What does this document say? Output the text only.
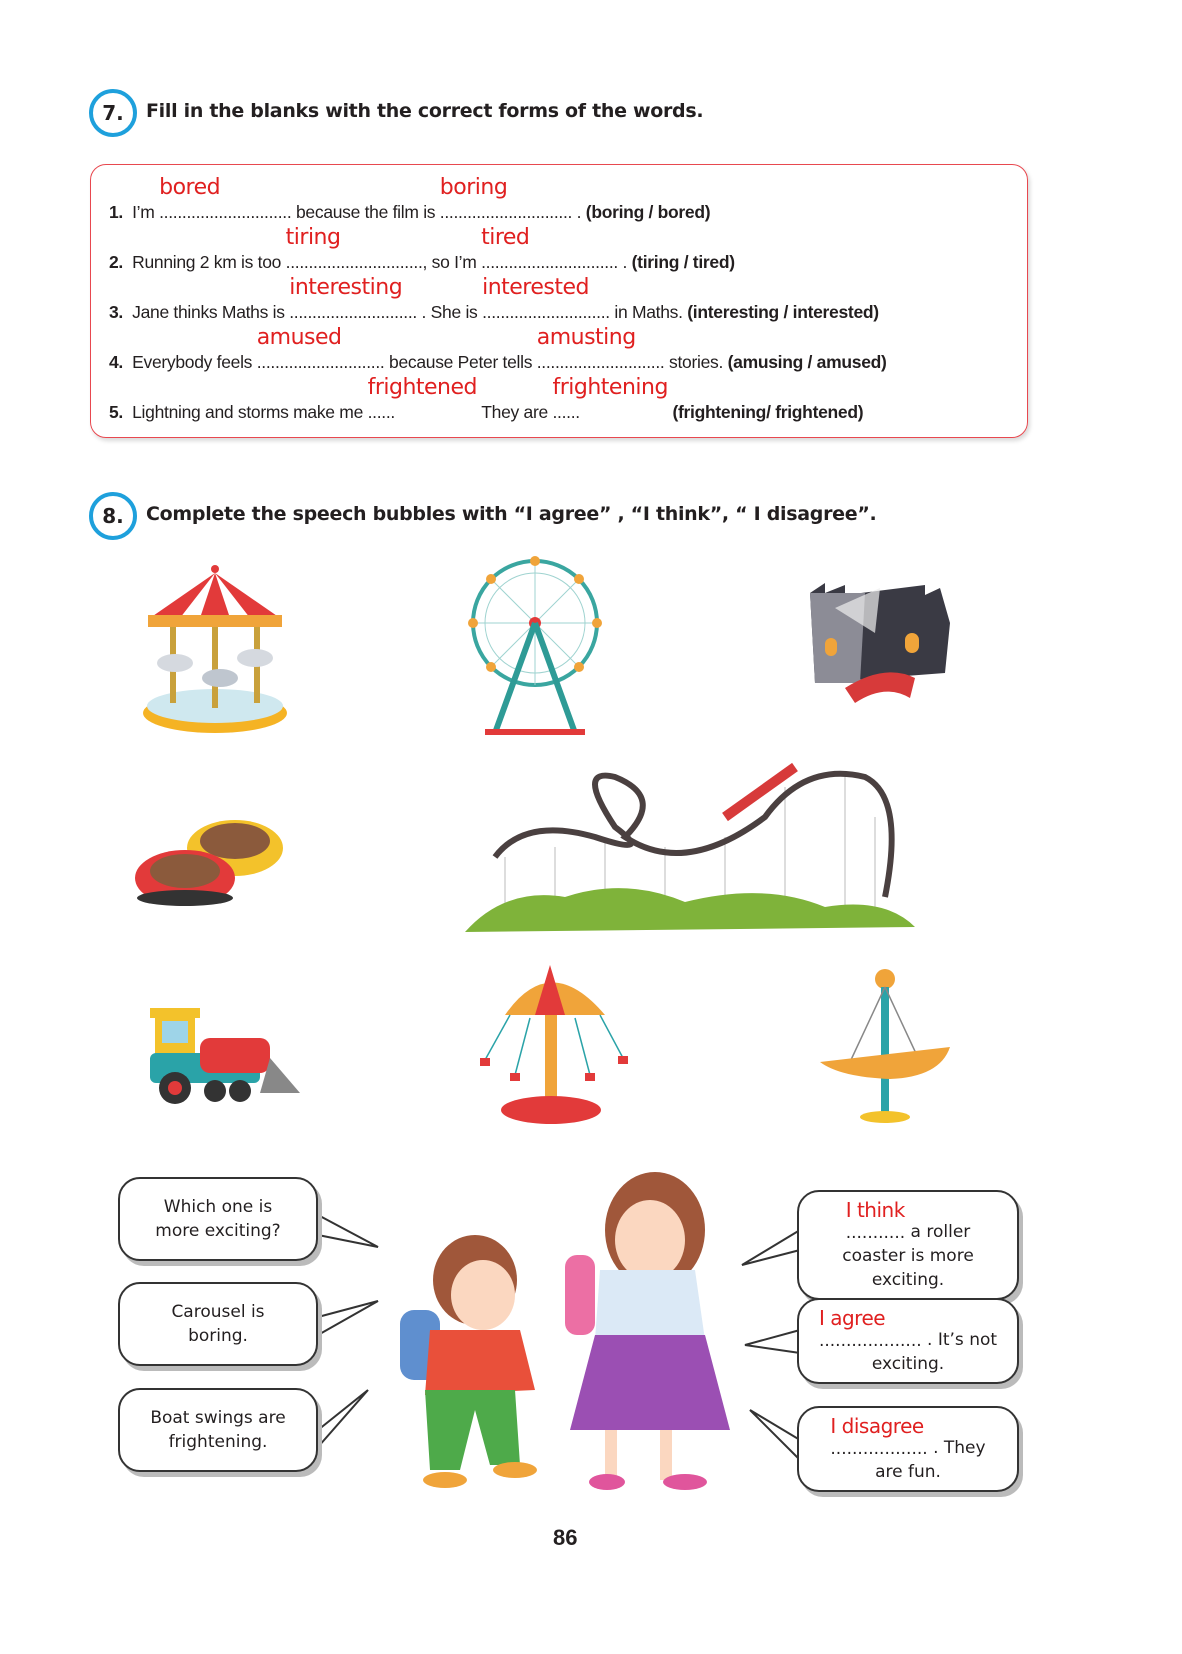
7. Fill in the blanks with the correct forms of the words.
1.
I’m
bored
............................. because the film is
boring
............................. . (boring / bored)
2.
Running 2 km is too
tiring
.............................. , so I’m
tired
.............................. . (tiring / tired)
3.
Jane thinks Maths is
interesting
............................ . She is
interested
............................ in Maths. (interesting / interested)
4.
Everybody feels
amused
............................ because Peter tells
amusting
............................ stories. (amusing / amused)
5.
Lightning and storms make me
frightened
......	They are
frightening
......
	(frightening/ frightened)
8. Complete the speech bubbles with “I agree” , “I think”, “ I disagree”.
Which one is
more exciting?
Carousel is
boring.
Boat swings are
frightening.
I think
........... a roller
coaster is more
exciting.
I agree
................... . It’s not
exciting.
I disagree
.................. . They
are fun.
86
